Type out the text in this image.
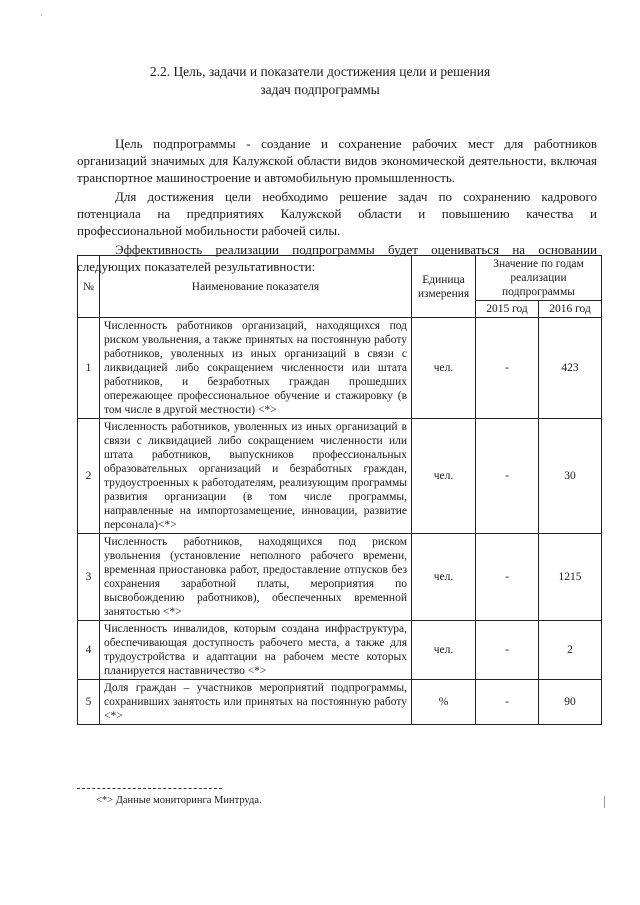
·
2.2. Цель, задачи и показатели достижения цели и решения
задач подпрограммы

Цель подпрограммы - создание и сохранение рабочих мест для работников организаций значимых для Калужской области видов экономической деятельности, включая транспортное машиностроение и автомобильную промышленность.

Для достижения цели необходимо решение задач по сохранению кадрового потенциала на предприятиях Калужской области и повышению качества и профессиональной мобильности рабочей силы.

Эффективность реализации подпрограммы будет оцениваться на основании следующих показателей результативности:

№	Наименование показателя	Единица измерения	Значение по годам реализации подпрограммы	
			2015 год	2016 год
1	Численность работников организаций, находящихся под риском увольнения, а также принятых на постоянную работу работников, уволенных из иных организаций в связи с ликвидацией либо сокращением численности или штата работников, и безработных граждан прошедших опережающее профессиональное обучение и стажировку (в том числе в другой местности) <*>	чел.	-	423
2	Численность работников, уволенных из иных организаций в связи с ликвидацией либо сокращением численности или штата работников, выпускников профессиональных образовательных организаций и безработных граждан, трудоустроенных к работодателям, реализующим программы развития организации (в том числе программы, направленные на импортозамещение, инновации, развитие персонала)<*>	чел.	-	30
3	Численность работников, находящихся под риском увольнения (установление неполного рабочего времени, временная приостановка работ, предоставление отпусков без сохранения заработной платы, мероприятия по высвобождению работников), обеспеченных временной занятостью <*>	чел.	-	1215
4	Численность инвалидов, которым создана инфраструктура, обеспечивающая доступность рабочего места, а также для трудоустройства и адаптации на рабочем месте которых планируется наставничество <*>	чел.	-	2
5	Доля граждан – участников мероприятий подпрограммы, сохранивших занятость или принятых на постоянную работу <*>	%	-	90
<*> Данные мониторинга Минтруда.
